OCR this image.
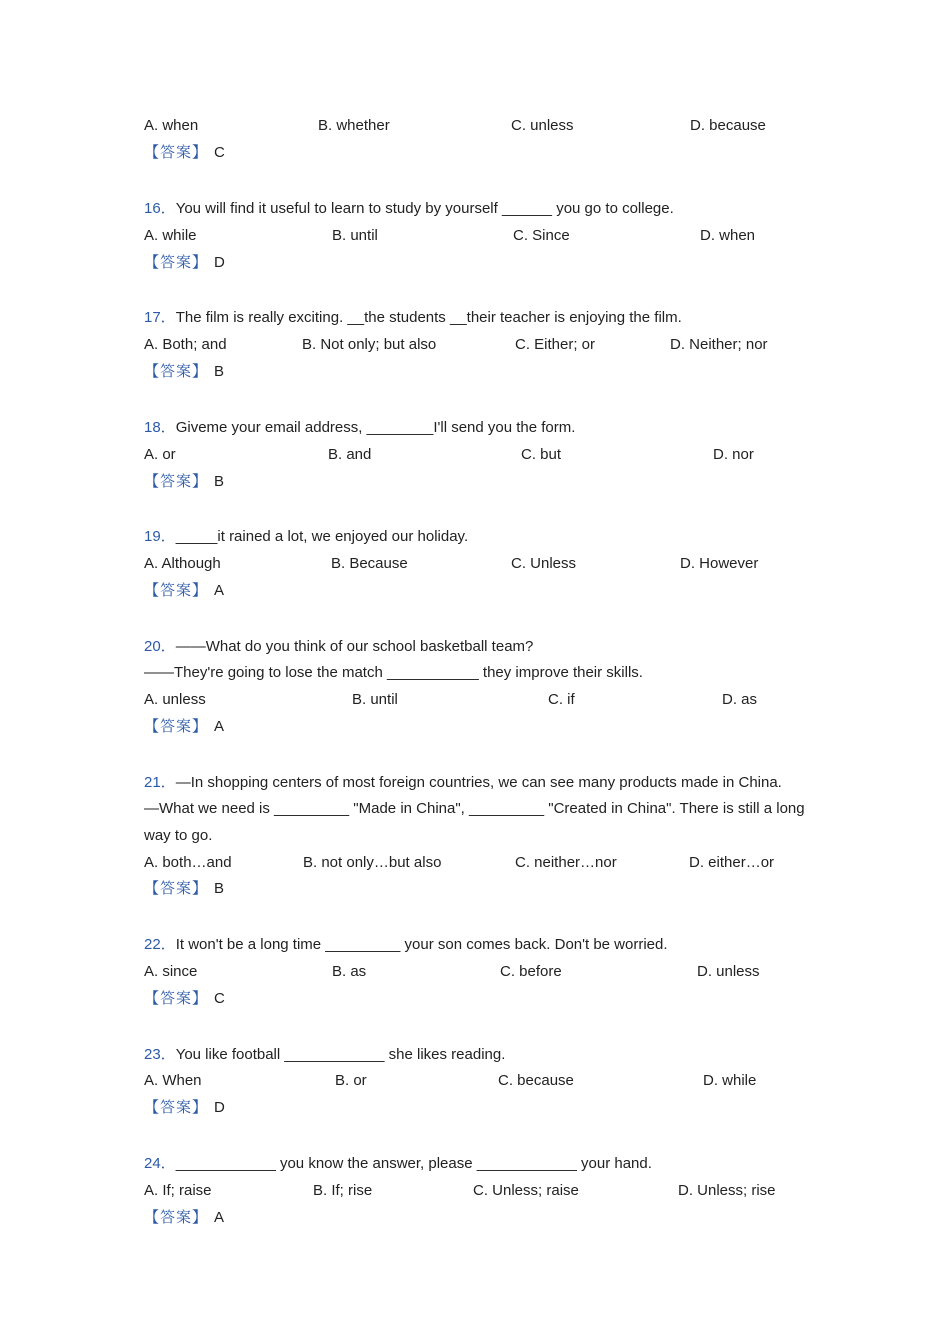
A. when	B. whether	C. unless	D. because
【答案】 C
16．You will find it useful to learn to study by yourself ______ you go to college.
A. while	B. until	C. Since	D. when
【答案】 D
17．The film is really exciting. __the students __their teacher is enjoying the film.
A. Both; and	B. Not only; but also	C. Either; or	D. Neither; nor
【答案】 B
18．Giveme your email address, ________I'll send you the form.
A. or	B. and	C. but	D. nor
【答案】 B
19．_____it rained a lot, we enjoyed our holiday.
A. Although	B. Because	C. Unless	D. However
【答案】 A
20．——What do you think of our school basketball team?
——They're going to lose the match ___________ they improve their skills.
A. unless	B. until	C. if	D. as
【答案】 A
21．—In shopping centers of most foreign countries, we can see many products made in China.
—What we need is _________ "Made in China", _________ "Created in China". There is still a long
way to go.
A. both…and	B. not only…but also	C. neither…nor	D. either…or
【答案】 B
22．It won't be a long time _________ your son comes back. Don't be worried.
A. since	B. as	C. before	D. unless
【答案】 C
23．You like football ____________ she likes reading.
A. When	B. or	C. because	D. while
【答案】 D
24．____________ you know the answer, please ____________ your hand.
A. If; raise	B. If; rise	C. Unless; raise	D. Unless; rise
【答案】 A
